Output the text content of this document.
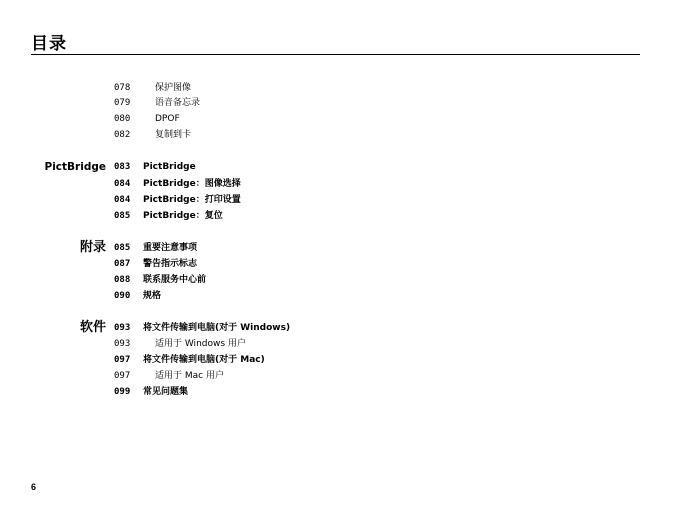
目录
078	保护图像
079	语音备忘录
080	DPOF
082	复制到卡
PictBridge 083 PictBridge
084 PictBridge：图像选择
084 PictBridge：打印设置
085 PictBridge：复位
附录 085 重要注意事项
087 警告指示标志
088 联系服务中心前
090 规格
软件 093 将文件传输到电脑(对于 Windows)
093	适用于 Windows 用户
097 将文件传输到电脑(对于 Mac)
097	适用于 Mac 用户
099 常见问题集
6
